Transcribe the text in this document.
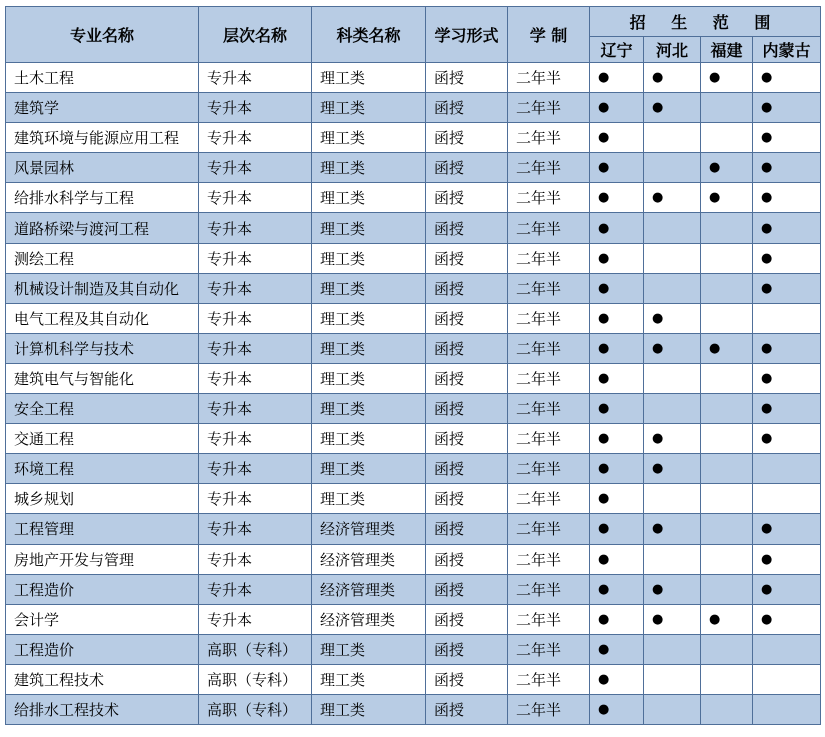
专业名称	层次名称	科类名称	学习形式	学 制	招 生 范 围			
					辽宁	河北	福建	内蒙古
土木工程	专升本	理工类	函授	二年半	●	●	●	●
建筑学	专升本	理工类	函授	二年半	●	●		●
建筑环境与能源应用工程	专升本	理工类	函授	二年半	●			●
风景园林	专升本	理工类	函授	二年半	●		●	●
给排水科学与工程	专升本	理工类	函授	二年半	●	●	●	●
道路桥梁与渡河工程	专升本	理工类	函授	二年半	●			●
测绘工程	专升本	理工类	函授	二年半	●			●
机械设计制造及其自动化	专升本	理工类	函授	二年半	●			●
电气工程及其自动化	专升本	理工类	函授	二年半	●	●		
计算机科学与技术	专升本	理工类	函授	二年半	●	●	●	●
建筑电气与智能化	专升本	理工类	函授	二年半	●			●
安全工程	专升本	理工类	函授	二年半	●			●
交通工程	专升本	理工类	函授	二年半	●	●		●
环境工程	专升本	理工类	函授	二年半	●	●		
城乡规划	专升本	理工类	函授	二年半	●			
工程管理	专升本	经济管理类	函授	二年半	●	●		●
房地产开发与管理	专升本	经济管理类	函授	二年半	●			●
工程造价	专升本	经济管理类	函授	二年半	●	●		●
会计学	专升本	经济管理类	函授	二年半	●	●	●	●
工程造价	高职（专科）	理工类	函授	二年半	●			
建筑工程技术	高职（专科）	理工类	函授	二年半	●			
给排水工程技术	高职（专科）	理工类	函授	二年半	●			
